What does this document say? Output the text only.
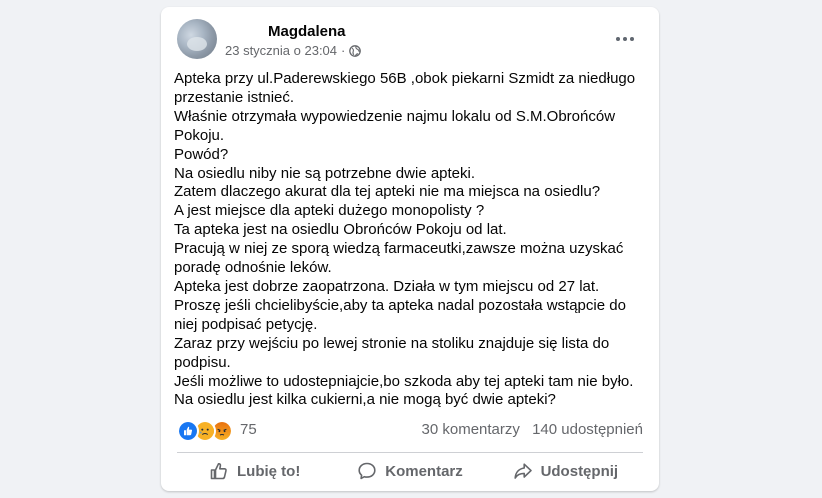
Magdalena
23 stycznia o 23:04 ·

Apteka przy ul.Paderewskiego 56B ,obok piekarni Szmidt za niedługo przestanie istnieć.

Właśnie otrzymała wypowiedzenie najmu lokalu od S.M.Obrońców Pokoju.

Powód?

Na osiedlu niby nie są potrzebne dwie apteki.

Zatem dlaczego akurat dla tej apteki nie ma miejsca na osiedlu?

A jest miejsce dla apteki dużego monopolisty ?

Ta apteka jest na osiedlu Obrońców Pokoju od lat.

Pracują w niej ze sporą wiedzą farmaceutki,zawsze można uzyskać poradę odnośnie leków.

Apteka jest dobrze zaopatrzona. Działa w tym miejscu od 27 lat.

Proszę jeśli chcielibyście,aby ta apteka nadal pozostała wstąpcie do niej podpisać petycję.

Zaraz przy wejściu po lewej stronie na stoliku znajduje się lista do podpisu.

Jeśli możliwe to udostepniajcie,bo szkoda aby tej apteki tam nie było.

Na osiedlu jest kilka cukierni,a nie mogą być dwie apteki?

75	30 komentarzy 140 udostępnień
Lubię to!	Komentarz	Udostępnij
